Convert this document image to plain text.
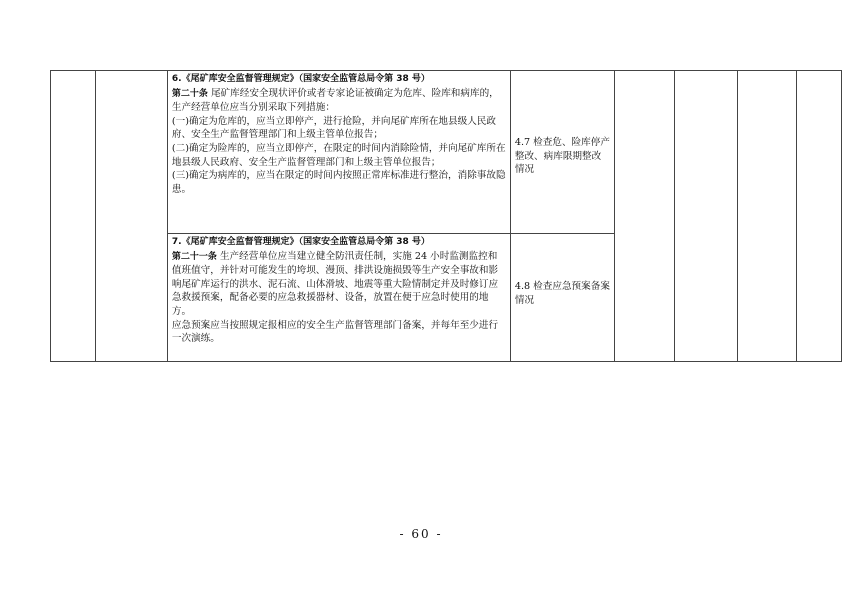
		6.《尾矿库安全监督管理规定》（国家安全监管总局令第 38 号）

第二十条 尾矿库经安全现状评价或者专家论证被确定为危库、险库和病库的，生产经营单位应当分别采取下列措施：

(一)确定为危库的，应当立即停产，进行抢险，并向尾矿库所在地县级人民政府、安全生产监督管理部门和上级主管单位报告；

(二)确定为险库的，应当立即停产，在限定的时间内消除险情，并向尾矿库所在地县级人民政府、安全生产监督管理部门和上级主管单位报告；

(三)确定为病库的，应当在限定的时间内按照正常库标准进行整治，消除事故隐患。	4.7 检查危、险库停产整改、病库限期整改情况				

		7.《尾矿库安全监督管理规定》（国家安全监管总局令第 38 号）

第二十一条 生产经营单位应当建立健全防汛责任制，实施 24 小时监测监控和值班值守，并针对可能发生的垮坝、漫顶、排洪设施损毁等生产安全事故和影响尾矿库运行的洪水、泥石流、山体滑坡、地震等重大险情制定并及时修订应急救援预案，配备必要的应急救援器材、设备，放置在便于应急时使用的地方。

应急预案应当按照规定报相应的安全生产监督管理部门备案，并每年至少进行一次演练。	4.8 检查应急预案备案情况				
- 60 -
